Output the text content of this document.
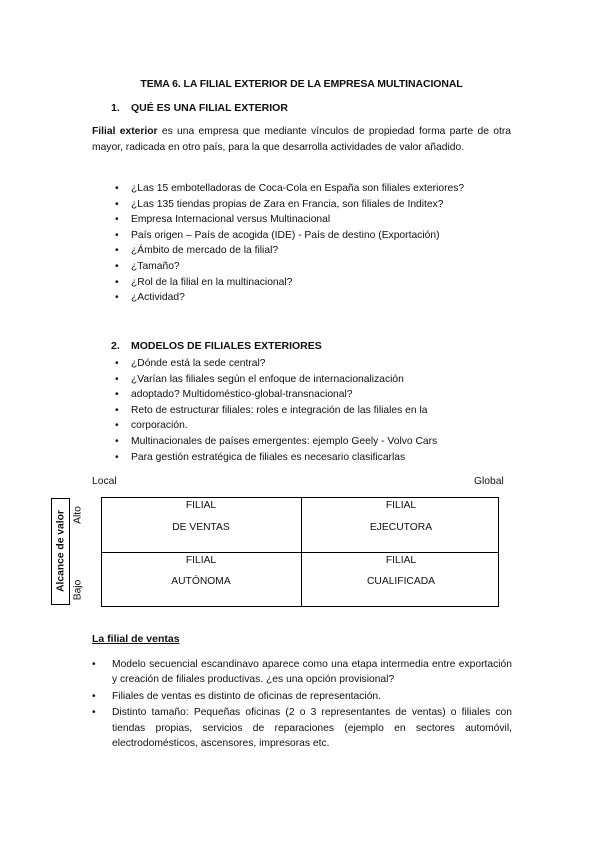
TEMA 6. LA FILIAL EXTERIOR DE LA EMPRESA MULTINACIONAL
1. QUÉ ES UNA FILIAL EXTERIOR
Filial exterior es una empresa que mediante vínculos de propiedad forma parte de otra mayor, radicada en otro país, para la que desarrolla actividades de valor añadido.
• ¿Las 15 embotelladoras de Coca-Cola en España son filiales exteriores?
• ¿Las 135 tiendas propias de Zara en Francia, son filiales de Inditex?
• Empresa Internacional versus Multinacional
• País origen – País de acogida (IDE) - País de destino (Exportación)
• ¿Ámbito de mercado de la filial?
• ¿Tamaño?
• ¿Rol de la filial en la multinacional?
• ¿Actividad?
2. MODELOS DE FILIALES EXTERIORES
• ¿Dónde está la sede central?
• ¿Varían las filiales según el enfoque de internacionalización
• adoptado? Multidoméstico-global-transnacional?
• Reto de estructurar filiales: roles e integración de las filiales en la
• corporación.
• Multinacionales de países emergentes: ejemplo Geely - Volvo Cars
• Para gestión estratégica de filiales es necesario clasificarlas
Local	Global
Alcance de valor Alto
Bajo
FILIAL
DE VENTAS
FILIAL
EJECUTORA
FILIAL
AUTÓNOMA
FILIAL
CUALIFICADA
La filial de ventas
• Modelo secuencial escandinavo aparece como una etapa intermedia entre exportación y creación de filiales productivas. ¿es una opción provisional?
• Filiales de ventas es distinto de oficinas de representación.
• Distinto tamaño: Pequeñas oficinas (2 o 3 representantes de ventas) o filiales con tiendas propias, servicios de reparaciones (ejemplo en sectores automóvil, electrodomésticos, ascensores, impresoras etc.
